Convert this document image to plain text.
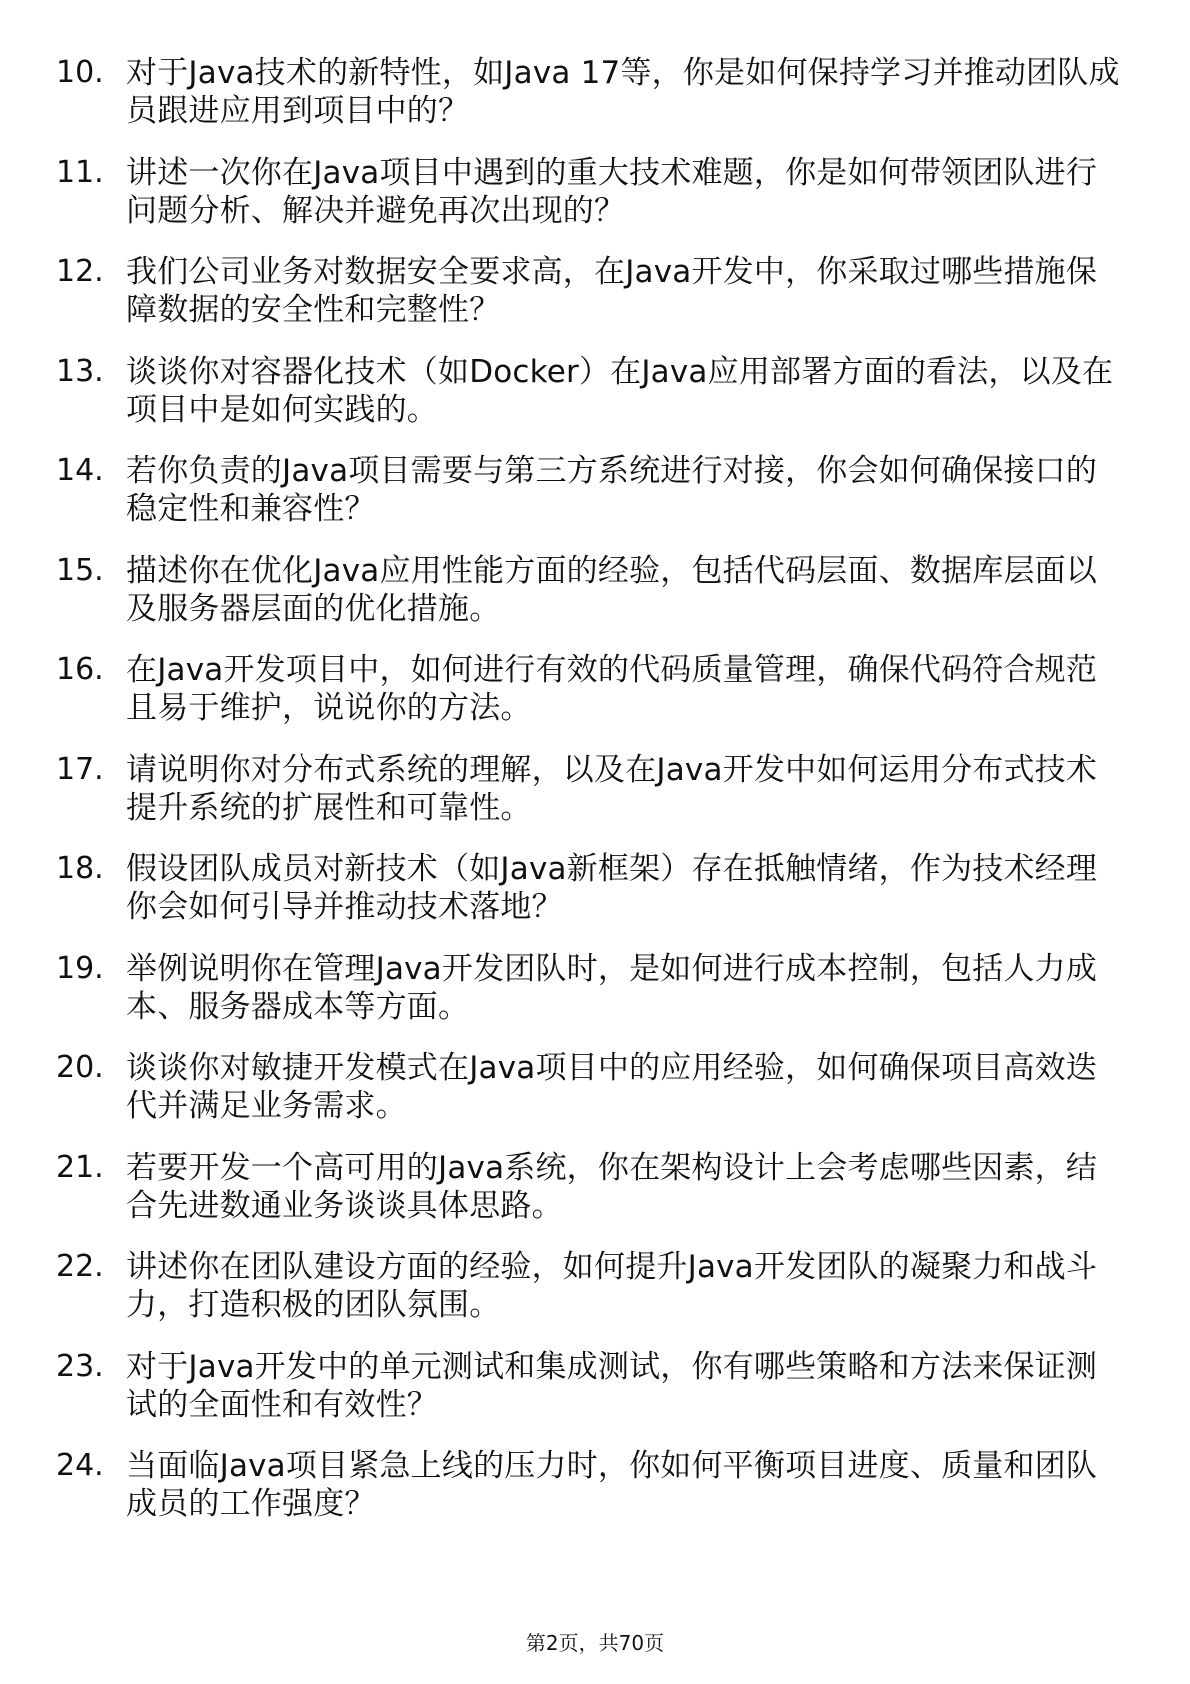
10. 对于Java技术的新特性，如Java 17等，你是如何保持学习并推动团队成员跟进应用到项目中的？
11. 讲述一次你在Java项目中遇到的重大技术难题，你是如何带领团队进行问题分析、解决并避免再次出现的？
12. 我们公司业务对数据安全要求高，在Java开发中，你采取过哪些措施保障数据的安全性和完整性？
13. 谈谈你对容器化技术（如Docker）在Java应用部署方面的看法，以及在项目中是如何实践的。
14. 若你负责的Java项目需要与第三方系统进行对接，你会如何确保接口的稳定性和兼容性？
15. 描述你在优化Java应用性能方面的经验，包括代码层面、数据库层面以及服务器层面的优化措施。
16. 在Java开发项目中，如何进行有效的代码质量管理，确保代码符合规范且易于维护，说说你的方法。
17. 请说明你对分布式系统的理解，以及在Java开发中如何运用分布式技术提升系统的扩展性和可靠性。
18. 假设团队成员对新技术（如Java新框架）存在抵触情绪，作为技术经理你会如何引导并推动技术落地？
19. 举例说明你在管理Java开发团队时，是如何进行成本控制，包括人力成本、服务器成本等方面。
20. 谈谈你对敏捷开发模式在Java项目中的应用经验，如何确保项目高效迭代并满足业务需求。
21. 若要开发一个高可用的Java系统，你在架构设计上会考虑哪些因素，结合先进数通业务谈谈具体思路。
22. 讲述你在团队建设方面的经验，如何提升Java开发团队的凝聚力和战斗力，打造积极的团队氛围。
23. 对于Java开发中的单元测试和集成测试，你有哪些策略和方法来保证测试的全面性和有效性？
24. 当面临Java项目紧急上线的压力时，你如何平衡项目进度、质量和团队成员的工作强度？
第2页，共70页
